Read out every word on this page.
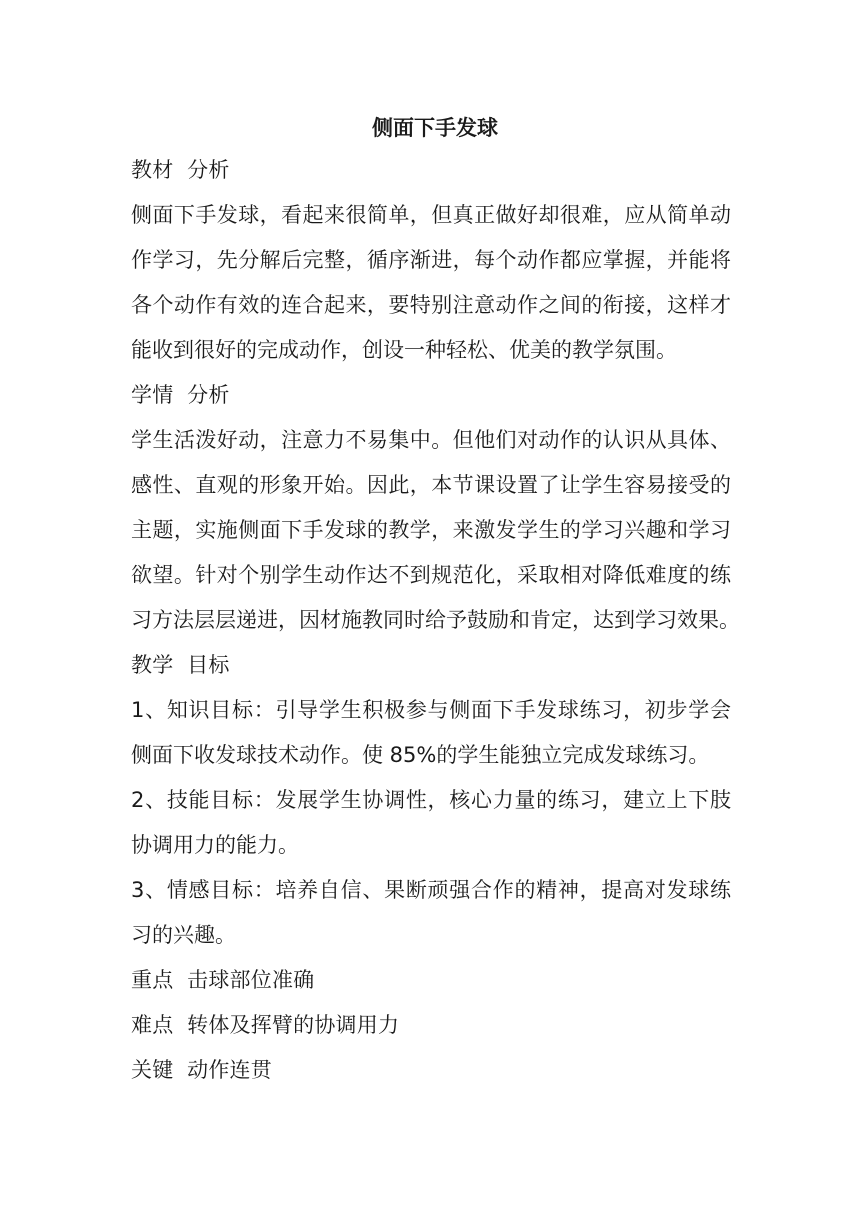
侧面下手发球

教材  分析

侧面下手发球，看起来很简单，但真正做好却很难，应从简单动
作学习，先分解后完整，循序渐进，每个动作都应掌握，并能将
各个动作有效的连合起来，要特别注意动作之间的衔接，这样才
能收到很好的完成动作，创设一种轻松、优美的教学氛围。

学情  分析

学生活泼好动，注意力不易集中。但他们对动作的认识从具体、
感性、直观的形象开始。因此，本节课设置了让学生容易接受的
主题，实施侧面下手发球的教学，来激发学生的学习兴趣和学习
欲望。针对个别学生动作达不到规范化，采取相对降低难度的练
习方法层层递进，因材施教同时给予鼓励和肯定，达到学习效果。

教学  目标

1、知识目标：引导学生积极参与侧面下手发球练习，初步学会
侧面下收发球技术动作。使 85%的学生能独立完成发球练习。
2、技能目标：发展学生协调性，核心力量的练习，建立上下肢
协调用力的能力。
3、情感目标：培养自信、果断顽强合作的精神，提高对发球练
习的兴趣。

重点  击球部位准确

难点  转体及挥臂的协调用力

关键  动作连贯
